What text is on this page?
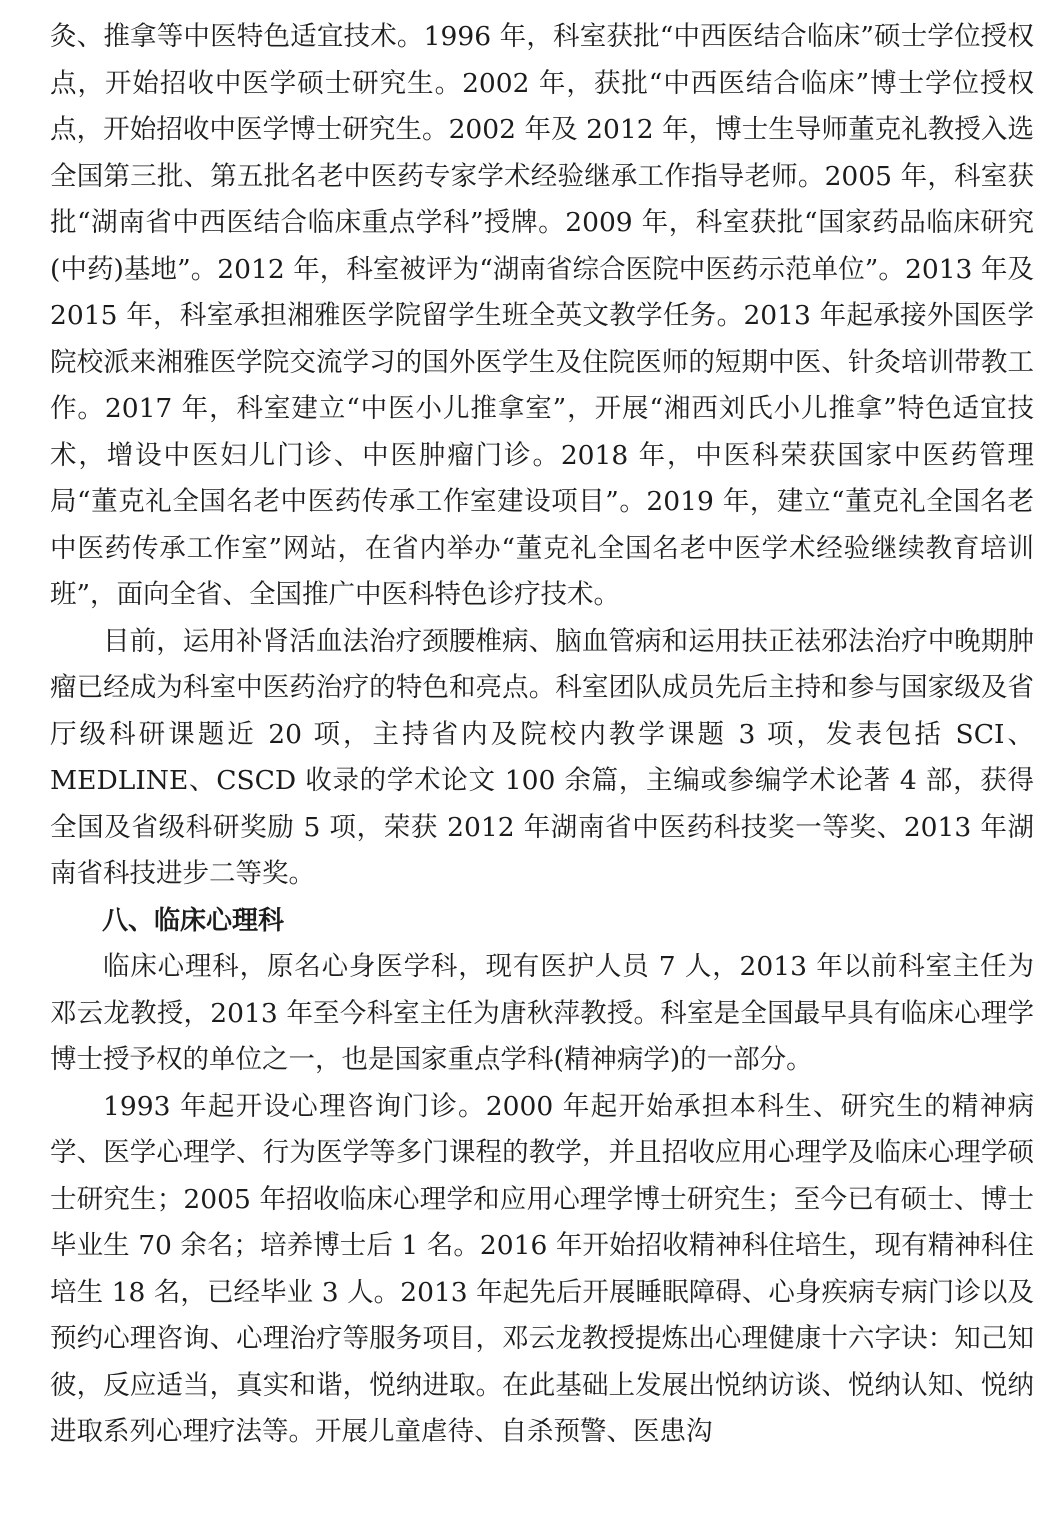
灸、推拿等中医特色适宜技术。1996 年，科室获批“中西医结合临床”硕士学位授权点，开始招收中医学硕士研究生。2002 年，获批“中西医结合临床”博士学位授权点，开始招收中医学博士研究生。2002 年及 2012 年，博士生导师董克礼教授入选全国第三批、第五批名老中医药专家学术经验继承工作指导老师。2005 年，科室获批“湖南省中西医结合临床重点学科”授牌。2009 年，科室获批“国家药品临床研究(中药)基地”。2012 年，科室被评为“湖南省综合医院中医药示范单位”。2013 年及 2015 年，科室承担湘雅医学院留学生班全英文教学任务。2013 年起承接外国医学院校派来湘雅医学院交流学习的国外医学生及住院医师的短期中医、针灸培训带教工作。2017 年，科室建立“中医小儿推拿室”，开展“湘西刘氏小儿推拿”特色适宜技术，增设中医妇儿门诊、中医肿瘤门诊。2018 年，中医科荣获国家中医药管理局“董克礼全国名老中医药传承工作室建设项目”。2019 年，建立“董克礼全国名老中医药传承工作室”网站，在省内举办“董克礼全国名老中医学术经验继续教育培训班”，面向全省、全国推广中医科特色诊疗技术。

目前，运用补肾活血法治疗颈腰椎病、脑血管病和运用扶正祛邪法治疗中晚期肿瘤已经成为科室中医药治疗的特色和亮点。科室团队成员先后主持和参与国家级及省厅级科研课题近 20 项，主持省内及院校内教学课题 3 项，发表包括 SCI、MEDLINE、CSCD 收录的学术论文 100 余篇，主编或参编学术论著 4 部，获得全国及省级科研奖励 5 项，荣获 2012 年湖南省中医药科技奖一等奖、2013 年湖南省科技进步二等奖。

八、临床心理科

临床心理科，原名心身医学科，现有医护人员 7 人，2013 年以前科室主任为邓云龙教授，2013 年至今科室主任为唐秋萍教授。科室是全国最早具有临床心理学博士授予权的单位之一，也是国家重点学科(精神病学)的一部分。

1993 年起开设心理咨询门诊。2000 年起开始承担本科生、研究生的精神病学、医学心理学、行为医学等多门课程的教学，并且招收应用心理学及临床心理学硕士研究生；2005 年招收临床心理学和应用心理学博士研究生；至今已有硕士、博士毕业生 70 余名；培养博士后 1 名。2016 年开始招收精神科住培生，现有精神科住培生 18 名，已经毕业 3 人。2013 年起先后开展睡眠障碍、心身疾病专病门诊以及预约心理咨询、心理治疗等服务项目，邓云龙教授提炼出心理健康十六字诀：知己知彼，反应适当，真实和谐，悦纳进取。在此基础上发展出悦纳访谈、悦纳认知、悦纳进取系列心理疗法等。开展儿童虐待、自杀预警、医患沟
